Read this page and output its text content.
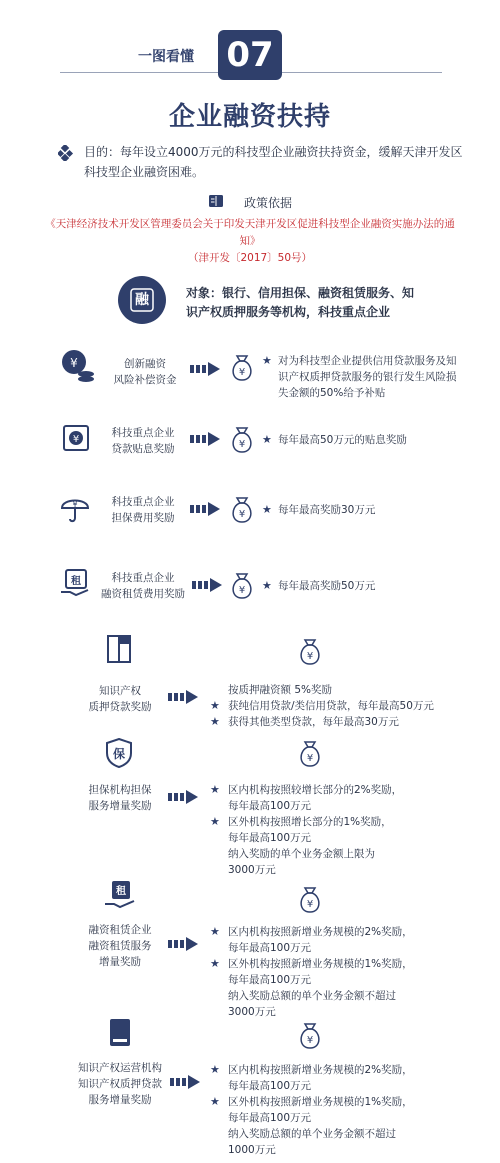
一图看懂 07
企业融资扶持
目的：每年设立4000万元的科技型企业融资扶持资金，缓解天津开发区科技型企业融资困难。
政策依据
《天津经济技术开发区管理委员会关于印发天津开发区促进科技型企业融资实施办法的通知》
（津开发〔2017〕50号）
融	对象：银行、信用担保、融资租赁服务、知识产权质押服务等机构，科技重点企业
¥	创新融资
风险补偿资金
¥
★ 对为科技型企业提供信用贷款服务及知识产权质押贷款服务的银行发生风险损失金额的50%给予补贴
¥
科技重点企业
贷款贴息奖励	¥ ★ 每年最高50万元的贴息奖励
¥	科技重点企业
担保费用奖励	¥ ★ 每年最高奖励30万元
租	科技重点企业
融资租赁费用奖励	¥ ★ 每年最高奖励50万元
¥
知识产权
质押贷款奖励
按质押融资额 5%奖励
★ 获纯信用贷款/类信用贷款，每年最高50万元
★ 获得其他类型贷款，每年最高30万元
保	¥
担保机构担保
服务增量奖励
★ 区内机构按照较增长部分的2%奖励，
每年最高100万元
★ 区外机构按照增长部分的1%奖励，
每年最高100万元
纳入奖励的单个业务金额上限为
3000万元
租
¥
融资租赁企业
融资租赁服务
增量奖励
★ 区内机构按照新增业务规模的2%奖励，
每年最高100万元
★ 区外机构按照新增业务规模的1%奖励，
每年最高100万元
纳入奖励总额的单个业务金额不超过
3000万元
¥
知识产权运营机构
知识产权质押贷款
服务增量奖励
★ 区内机构按照新增业务规模的2%奖励，
每年最高100万元
★ 区外机构按照新增业务规模的1%奖励，
每年最高100万元
纳入奖励总额的单个业务金额不超过
1000万元
